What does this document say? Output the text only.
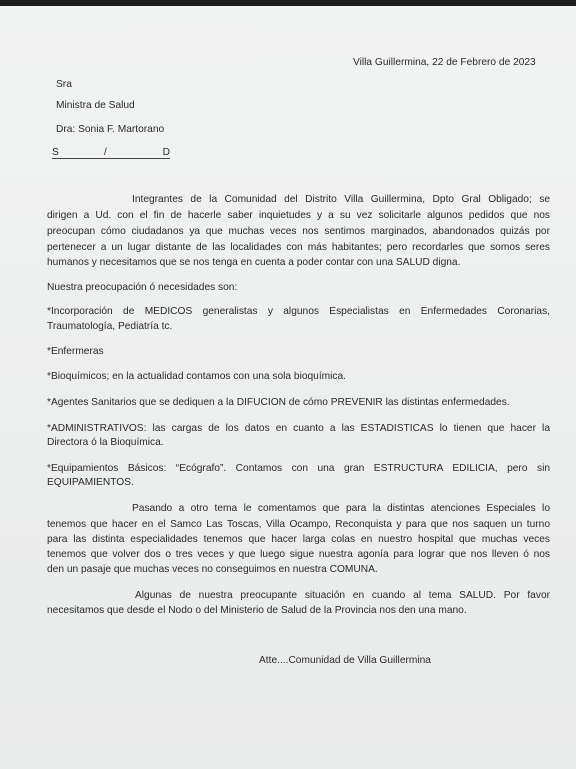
Villa Guillermina, 22 de Febrero de 2023
Sra
Ministra de Salud
Dra: Sonia F. Martorano
S	/	D
Integrantes de la Comunidad del Distrito Villa Guillermina, Dpto Gral Obligado; se
dirigen a Ud. con el fin de hacerle saber inquietudes y a su vez solicitarle algunos pedidos que nos
preocupan cómo ciudadanos ya que muchas veces nos sentimos marginados, abandonados quizás por
pertenecer a un lugar distante de las localidades con más habitantes; pero recordarles que somos seres
humanos y necesitamos que se nos tenga en cuenta a poder contar con una SALUD digna.
Nuestra preocupación ó necesidades son:
*Incorporación de MEDICOS generalistas y algunos Especialistas en Enfermedades Coronarias,
Traumatología, Pediatría tc.
*Enfermeras
*Bioquímicos; en la actualidad contamos con una sola bioquímica.
*Agentes Sanitarios que se dediquen a la DIFUCION de cómo PREVENIR las distintas enfermedades.
*ADMINISTRATIVOS: las cargas de los datos en cuanto a las ESTADISTICAS lo tienen que hacer la
Directora ó la Bioquímica.
*Equipamientos Básicos: “Ecógrafo”. Contamos con una gran ESTRUCTURA EDILICIA, pero sin
EQUIPAMIENTOS.
Pasando a otro tema le comentamos que para la distintas atenciones Especiales lo
tenemos que hacer en el Samco Las Toscas, Villa Ocampo, Reconquista y para que nos saquen un turno
para las distinta especialidades tenemos que hacer larga colas en nuestro hospital que muchas veces
tenemos que volver dos o tres veces y que luego sigue nuestra agonía para lograr que nos lleven ó nos
den un pasaje que muchas veces no conseguimos en nuestra COMUNA.
Algunas de nuestra preocupante situación en cuando al tema SALUD. Por favor
necesitamos que desde el Nodo o del Ministerio de Salud de la Provincia nos den una mano.
Atte....Comunidad de Villa Guillermina
